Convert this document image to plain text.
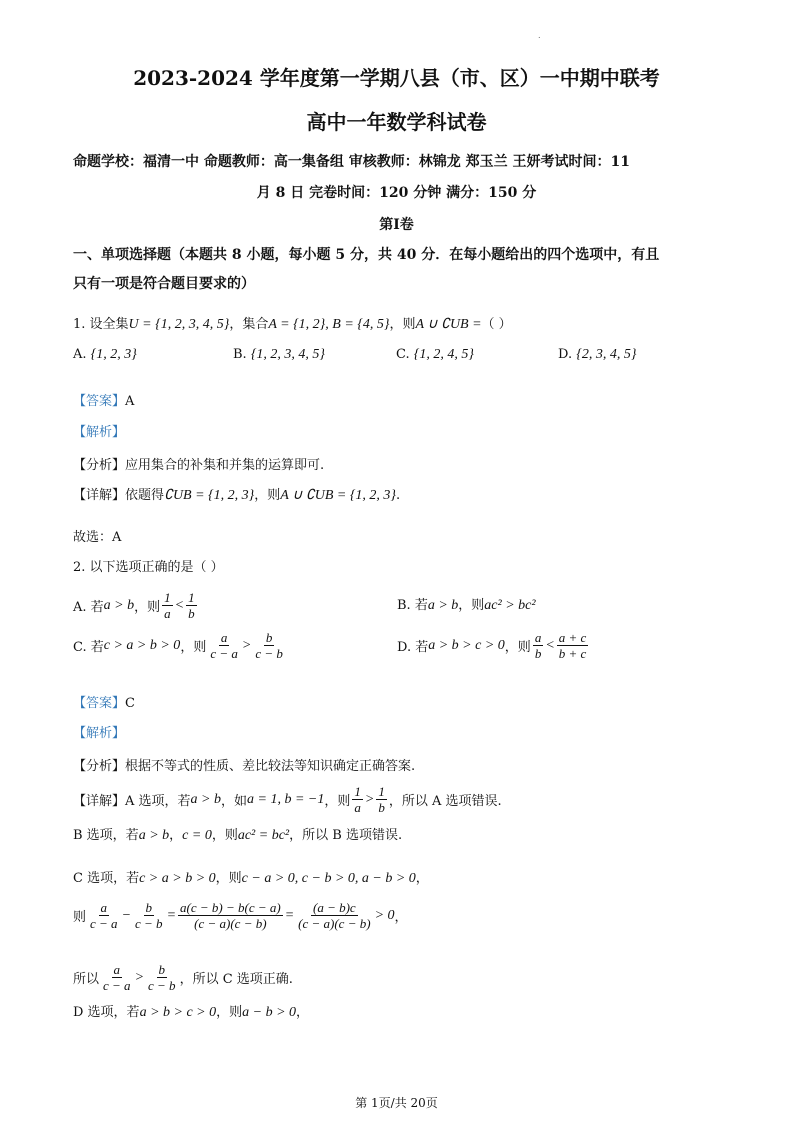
.
2023-2024 学年度第一学期八县（市、区）一中期中联考
高中一年数学科试卷
命题学校：福清一中 命题教师：高一集备组 审核教师：林锦龙 郑玉兰 王妍考试时间：11
月 8 日 完卷时间：120 分钟 满分：150 分
第Ⅰ卷
一、单项选择题（本题共 8 小题，每小题 5 分，共 40 分．在每小题给出的四个选项中，有且
只有一项是符合题目要求的）
1. 设全集U = {1, 2, 3, 4, 5}，集合A = {1, 2}, B = {4, 5}，则A ∪ ∁UB =（ ）
A. {1, 2, 3}	B. {1, 2, 3, 4, 5}	C. {1, 2, 4, 5}	D. {2, 3, 4, 5}
【答案】A
【解析】
【分析】应用集合的补集和并集的运算即可.
【详解】依题得∁UB = {1, 2, 3}，则A ∪ ∁UB = {1, 2, 3}.
故选：A
2. 以下选项正确的是（ ）
A. 若 a > b ，则 $\frac{1}{a} < \frac{1}{b}$	B. 若a > b，则ac² > bc²
C. 若 c > a > b > 0 ，则 $\frac{a}{c - a} > \frac{b}{c - b}$	D. 若 a > b > c > 0 ，则 $\frac{a}{b} < \frac{a + c}{b + c}$
【答案】C
【解析】
【分析】根据不等式的性质、差比较法等知识确定正确答案.
【详解】 A 选项，若 a > b ，如 a = 1, b = −1 ，则 $\frac{1}{a} > \frac{1}{b}$ ，所以 A 选项错误.
B 选项，若a > b，c = 0，则ac² = bc²，所以 B 选项错误.
C 选项，若c > a > b > 0，则c − a > 0, c − b > 0, a − b > 0，
则 $\frac{a}{c - a} - \frac{b}{c - b} = \frac{a(c - b) - b(c - a)}{(c - a)(c - b)} = \frac{(a - b)c}{(c - a)(c - b)} > 0$ ，
所以 $\frac{a}{c - a} > \frac{b}{c - b}$ ，所以 C 选项正确.
D 选项，若a > b > c > 0，则a − b > 0，
第 1页/共 20页
